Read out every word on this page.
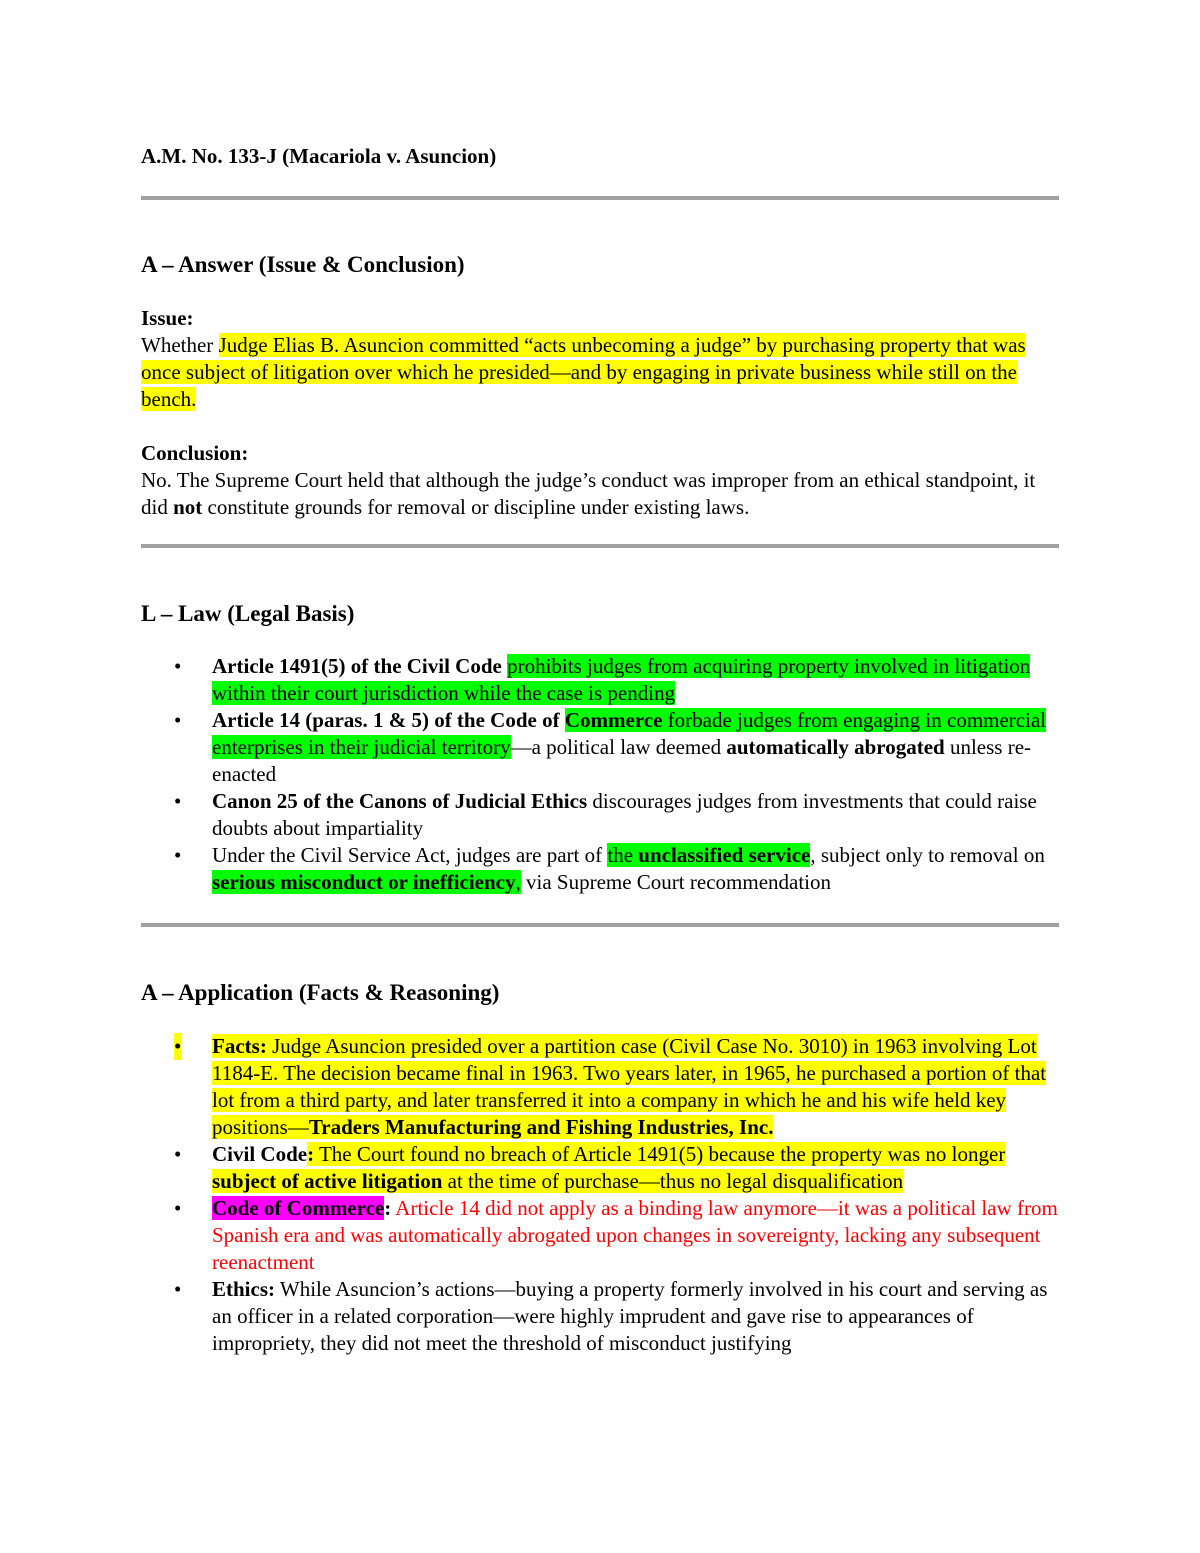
A.M. No. 133-J (Macariola v. Asuncion)

A – Answer (Issue & Conclusion)

Issue:

Whether Judge Elias B. Asuncion committed “acts unbecoming a judge” by purchasing property that was once subject of litigation over which he presided—and by engaging in private business while still on the bench.

Conclusion:

No. The Supreme Court held that although the judge’s conduct was improper from an ethical standpoint, it did not constitute grounds for removal or discipline under existing laws.

L – Law (Legal Basis)
• Article 1491(5) of the Civil Code prohibits judges from acquiring property involved in litigation within their court jurisdiction while the case is pending
• Article 14 (paras. 1 & 5) of the Code of Commerce forbade judges from engaging in commercial enterprises in their judicial territory—a political law deemed automatically abrogated unless re-enacted
• Canon 25 of the Canons of Judicial Ethics discourages judges from investments that could raise doubts about impartiality
• Under the Civil Service Act, judges are part of the unclassified service, subject only to removal on serious misconduct or inefficiency, via Supreme Court recommendation
A – Application (Facts & Reasoning)
• Facts: Judge Asuncion presided over a partition case (Civil Case No. 3010) in 1963 involving Lot 1184-E. The decision became final in 1963. Two years later, in 1965, he purchased a portion of that lot from a third party, and later transferred it into a company in which he and his wife held key positions—Traders Manufacturing and Fishing Industries, Inc.
• Civil Code: The Court found no breach of Article 1491(5) because the property was no longer subject of active litigation at the time of purchase—thus no legal disqualification
• Code of Commerce: Article 14 did not apply as a binding law anymore—it was a political law from Spanish era and was automatically abrogated upon changes in sovereignty, lacking any subsequent reenactment
• Ethics: While Asuncion’s actions—buying a property formerly involved in his court and serving as an officer in a related corporation—were highly imprudent and gave rise to appearances of impropriety, they did not meet the threshold of misconduct justifying
